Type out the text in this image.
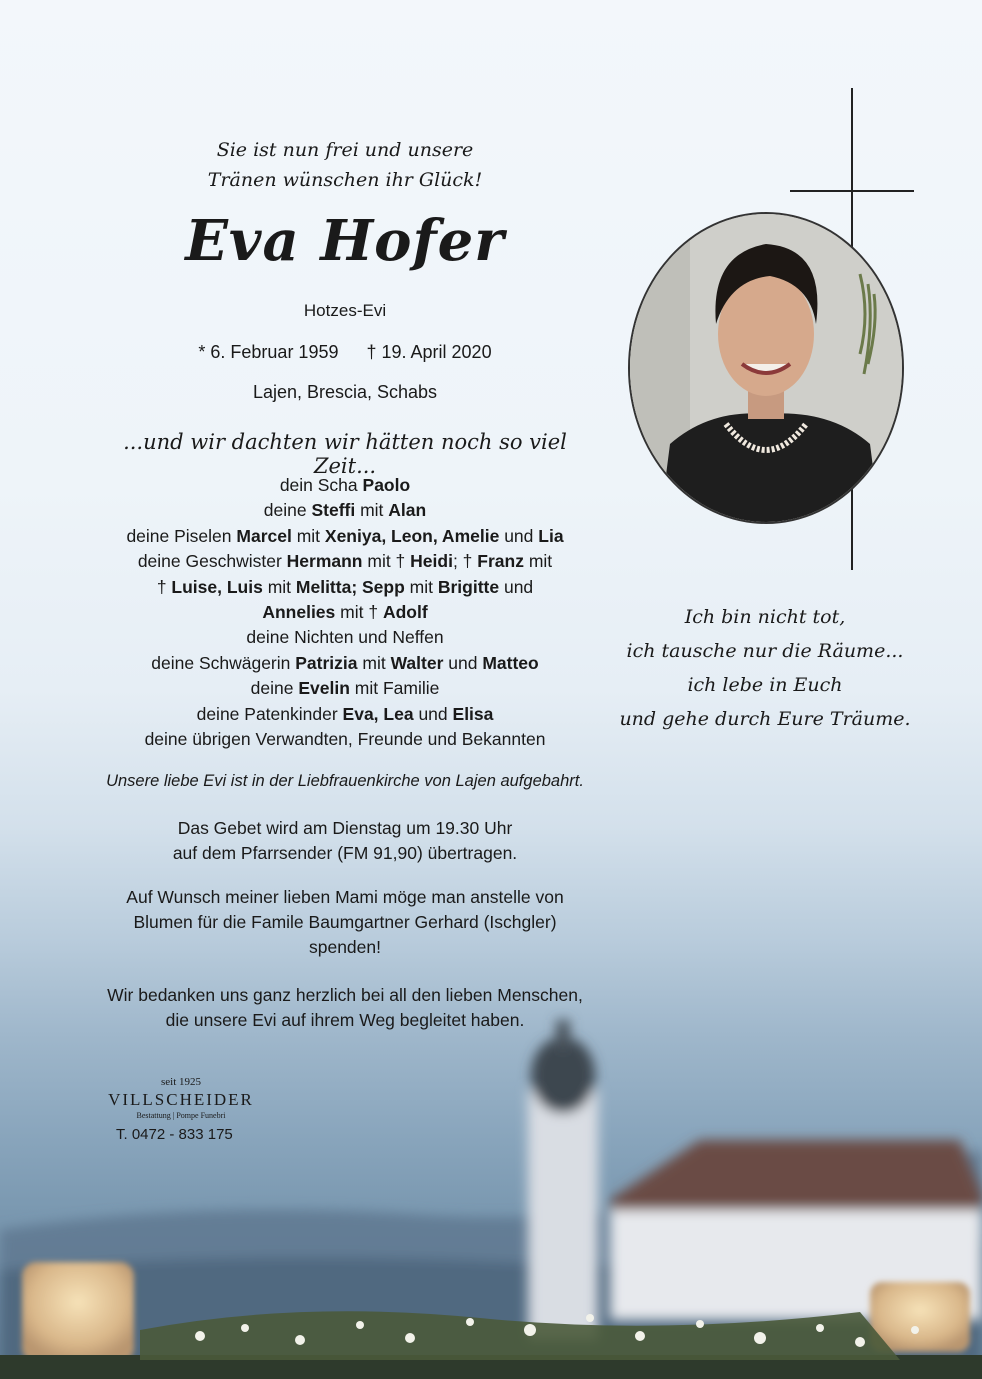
Sie ist nun frei und unsere
Tränen wünschen ihr Glück!
Eva Hofer
Hotzes-Evi
* 6. Februar 1959 † 19. April 2020
Lajen, Brescia, Schabs
...und wir dachten wir hätten noch so viel Zeit...
dein Scha Paolo
deine Steffi mit Alan
deine Piselen Marcel mit Xeniya, Leon, Amelie und Lia
deine Geschwister Hermann mit † Heidi; † Franz mit
† Luise, Luis mit Melitta; Sepp mit Brigitte und
Annelies mit † Adolf
deine Nichten und Neffen
deine Schwägerin Patrizia mit Walter und Matteo
deine Evelin mit Familie
deine Patenkinder Eva, Lea und Elisa
deine übrigen Verwandten, Freunde und Bekannten
Unsere liebe Evi ist in der Liebfrauenkirche von Lajen aufgebahrt.
Das Gebet wird am Dienstag um 19.30 Uhr
auf dem Pfarrsender (FM 91,90) übertragen.
Auf Wunsch meiner lieben Mami möge man anstelle von
Blumen für die Famile Baumgartner Gerhard (Ischgler)
spenden!
Wir bedanken uns ganz herzlich bei all den lieben Menschen,
die unsere Evi auf ihrem Weg begleitet haben.
seit 1925
VILLSCHEIDER
Bestattung | Pompe Funebri
T. 0472 - 833 175
Ich bin nicht tot,
ich tausche nur die Räume...
ich lebe in Euch
und gehe durch Eure Träume.
